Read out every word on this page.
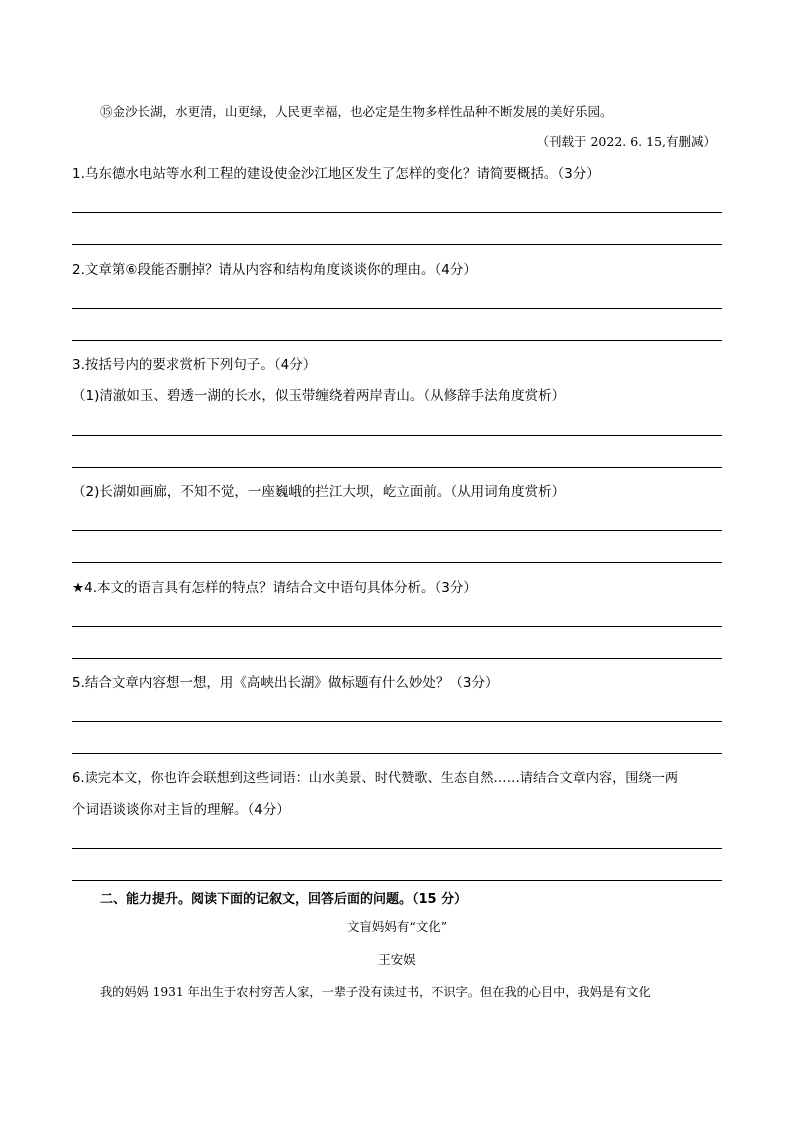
⑮金沙长湖，水更清，山更绿，人民更幸福，也必定是生物多样性品种不断发展的美好乐园。
（刊载于 2022. 6. 15,有删减）
1.乌东德水电站等水利工程的建设使金沙江地区发生了怎样的变化？请简要概括。（3分）
2.文章第⑥段能否删掉？请从内容和结构角度谈谈你的理由。（4分）
3.按括号内的要求赏析下列句子。（4分）
（1)清澈如玉、碧透一湖的长水，似玉带缠绕着两岸青山。（从修辞手法角度赏析）
（2)长湖如画廊，不知不觉，一座巍峨的拦江大坝，屹立面前。（从用词角度赏析）
★4.本文的语言具有怎样的特点？请结合文中语句具体分析。（3分）
5.结合文章内容想一想，用《高峡出长湖》做标题有什么妙处？（3分）
6.读完本文，你也许会联想到这些词语：山水美景、时代赞歌、生态自然……请结合文章内容，围绕一两
个词语谈谈你对主旨的理解。（4分）
二、能力提升。阅读下面的记叙文，回答后面的问题。（15 分）
文盲妈妈有“文化”
王安娱
我的妈妈 1931 年出生于农村穷苦人家，一辈子没有读过书，不识字。但在我的心目中，我妈是有文化
